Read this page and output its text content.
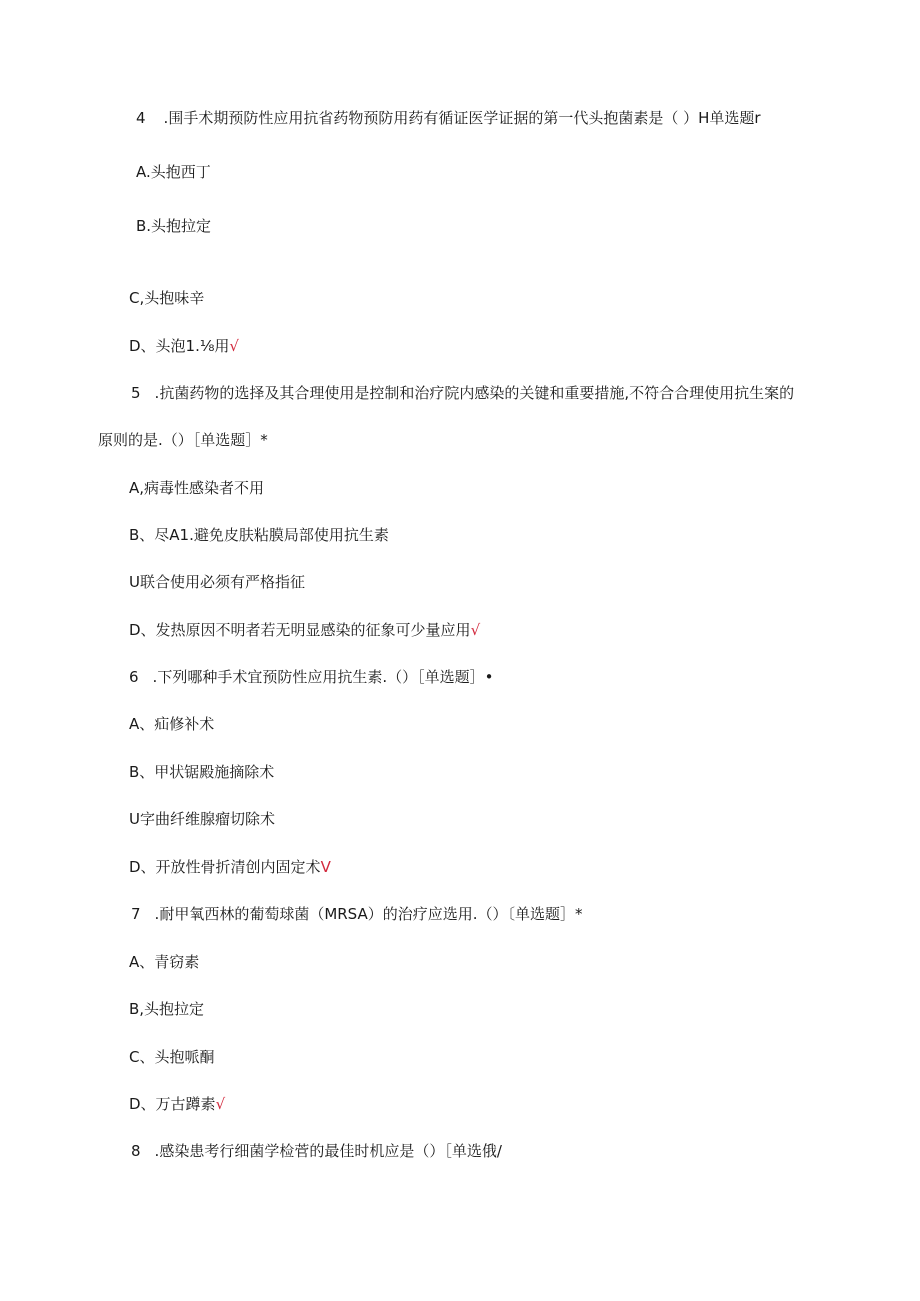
4 .围手术期预防性应用抗省药物预防用药有循证医学证据的第一代头抱菌素是（ ）H单选题r
A.头抱西丁
B.头抱拉定
C,头抱味辛
D、头泡1.⅛用√
5 .抗菌药物的选择及其合理使用是控制和治疗院内感染的关键和重要措施,不符合合理使用抗生案的
原则的是.（）［单选题］*
A,病毒性感染者不用
B、尽A1.避免皮肤粘膜局部使用抗生素
U联合使用必须有严格指征
D、发热原因不明者若无明显感染的征象可少量应用√
6 .下列哪种手术宜预防性应用抗生素.（）［单选题］•
A、疝修补术
B、甲状锯殿施摘除术
U字曲纤维腺瘤切除术
D、开放性骨折清创内固定术V
7 .耐甲氧西林的葡萄球菌（MRSA）的治疗应选用.（）〔单选题］*
A、青窃素
B,头抱拉定
C、头抱哌酮
D、万古蹲素√
8 .感染患考行细菌学检菅的最佳时机应是（）［单选俄/
